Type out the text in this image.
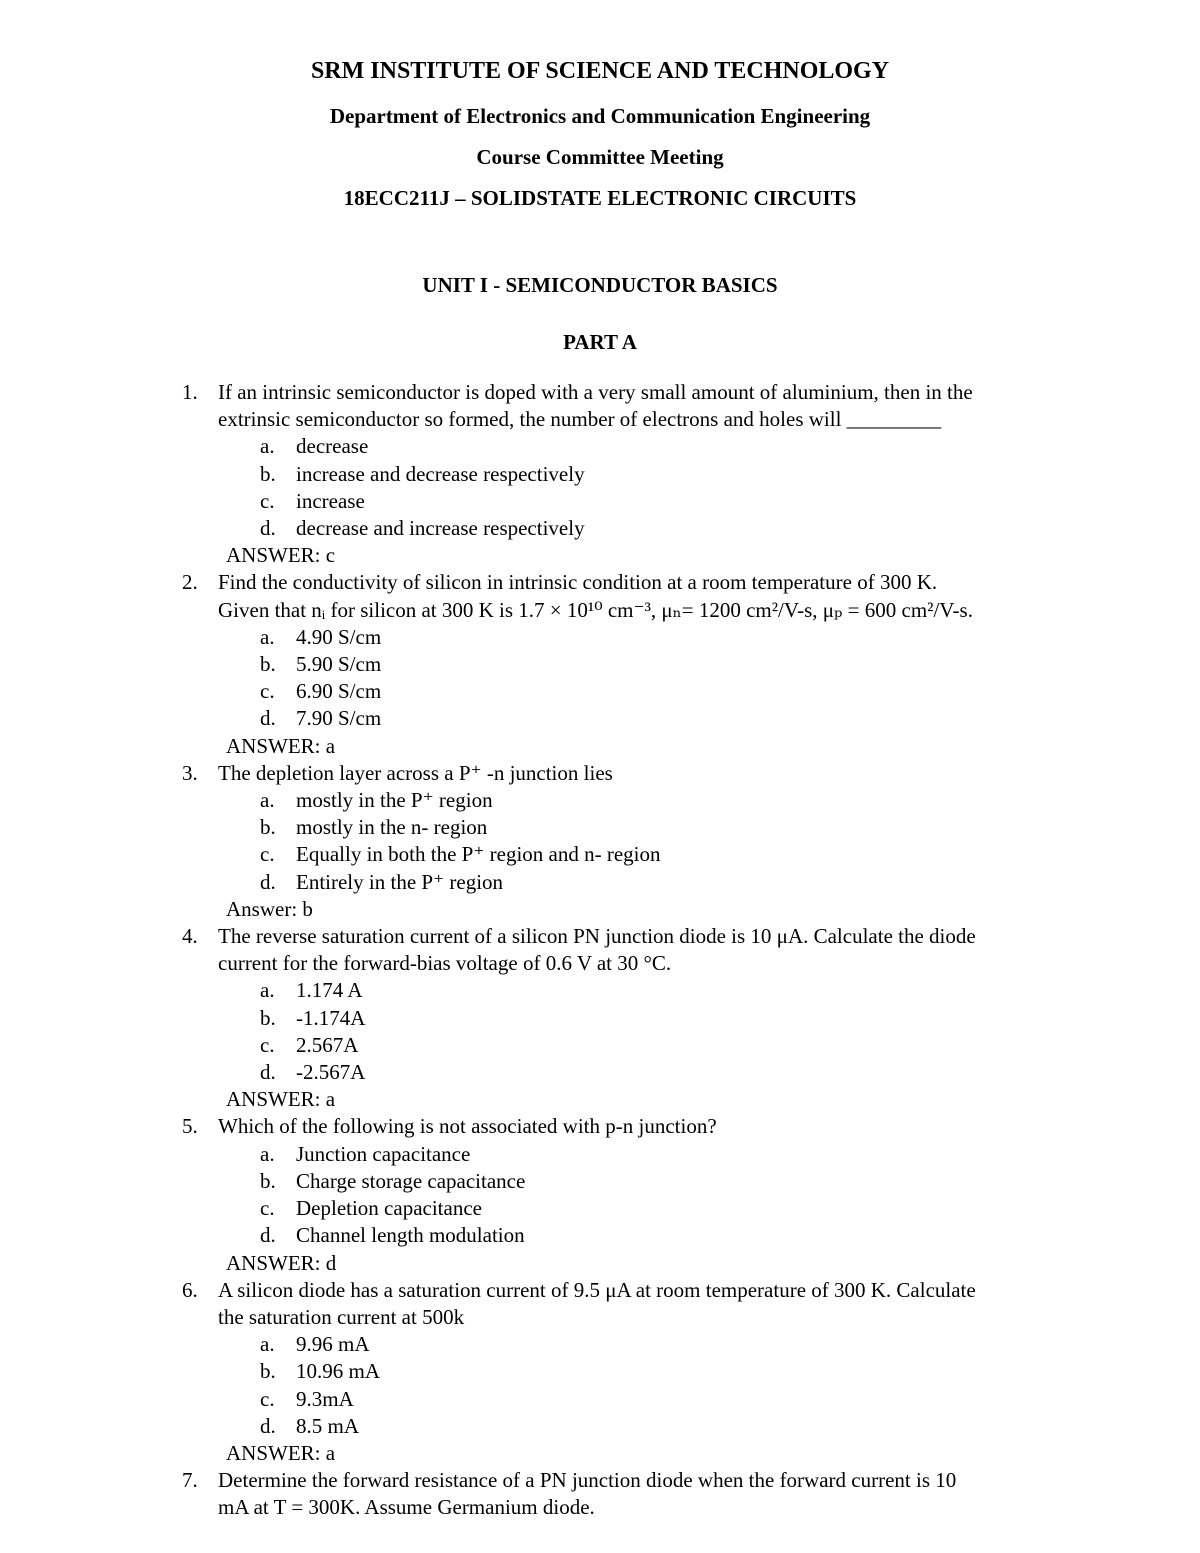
SRM INSTITUTE OF SCIENCE AND TECHNOLOGY
Department of Electronics and Communication Engineering
Course Committee Meeting
18ECC211J – SOLIDSTATE ELECTRONIC CIRCUITS
UNIT I - SEMICONDUCTOR BASICS
PART A
1. If an intrinsic semiconductor is doped with a very small amount of aluminium, then in the
extrinsic semiconductor so formed, the number of electrons and holes will _________
a. decrease
b. increase and decrease respectively
c. increase
d. decrease and increase respectively
ANSWER: c
2. Find the conductivity of silicon in intrinsic condition at a room temperature of 300 K.
Given that nᵢ for silicon at 300 K is 1.7 × 10¹⁰ cm⁻³, μₙ= 1200 cm²/V-s, μₚ = 600 cm²/V-s.
a. 4.90 S/cm
b. 5.90 S/cm
c. 6.90 S/cm
d. 7.90 S/cm
ANSWER: a
3. The depletion layer across a P⁺ -n junction lies
a. mostly in the P⁺ region
b. mostly in the n- region
c. Equally in both the P⁺ region and n- region
d. Entirely in the P⁺ region
Answer: b
4. The reverse saturation current of a silicon PN junction diode is 10 μA. Calculate the diode
current for the forward-bias voltage of 0.6 V at 30 °C.
a. 1.174 A
b. -1.174A
c. 2.567A
d. -2.567A
ANSWER: a
5. Which of the following is not associated with p-n junction?
a. Junction capacitance
b. Charge storage capacitance
c. Depletion capacitance
d. Channel length modulation
ANSWER: d
6. A silicon diode has a saturation current of 9.5 μA at room temperature of 300 K. Calculate
the saturation current at 500k
a. 9.96 mA
b. 10.96 mA
c. 9.3mA
d. 8.5 mA
ANSWER: a
7. Determine the forward resistance of a PN junction diode when the forward current is 10
mA at T = 300K. Assume Germanium diode.
